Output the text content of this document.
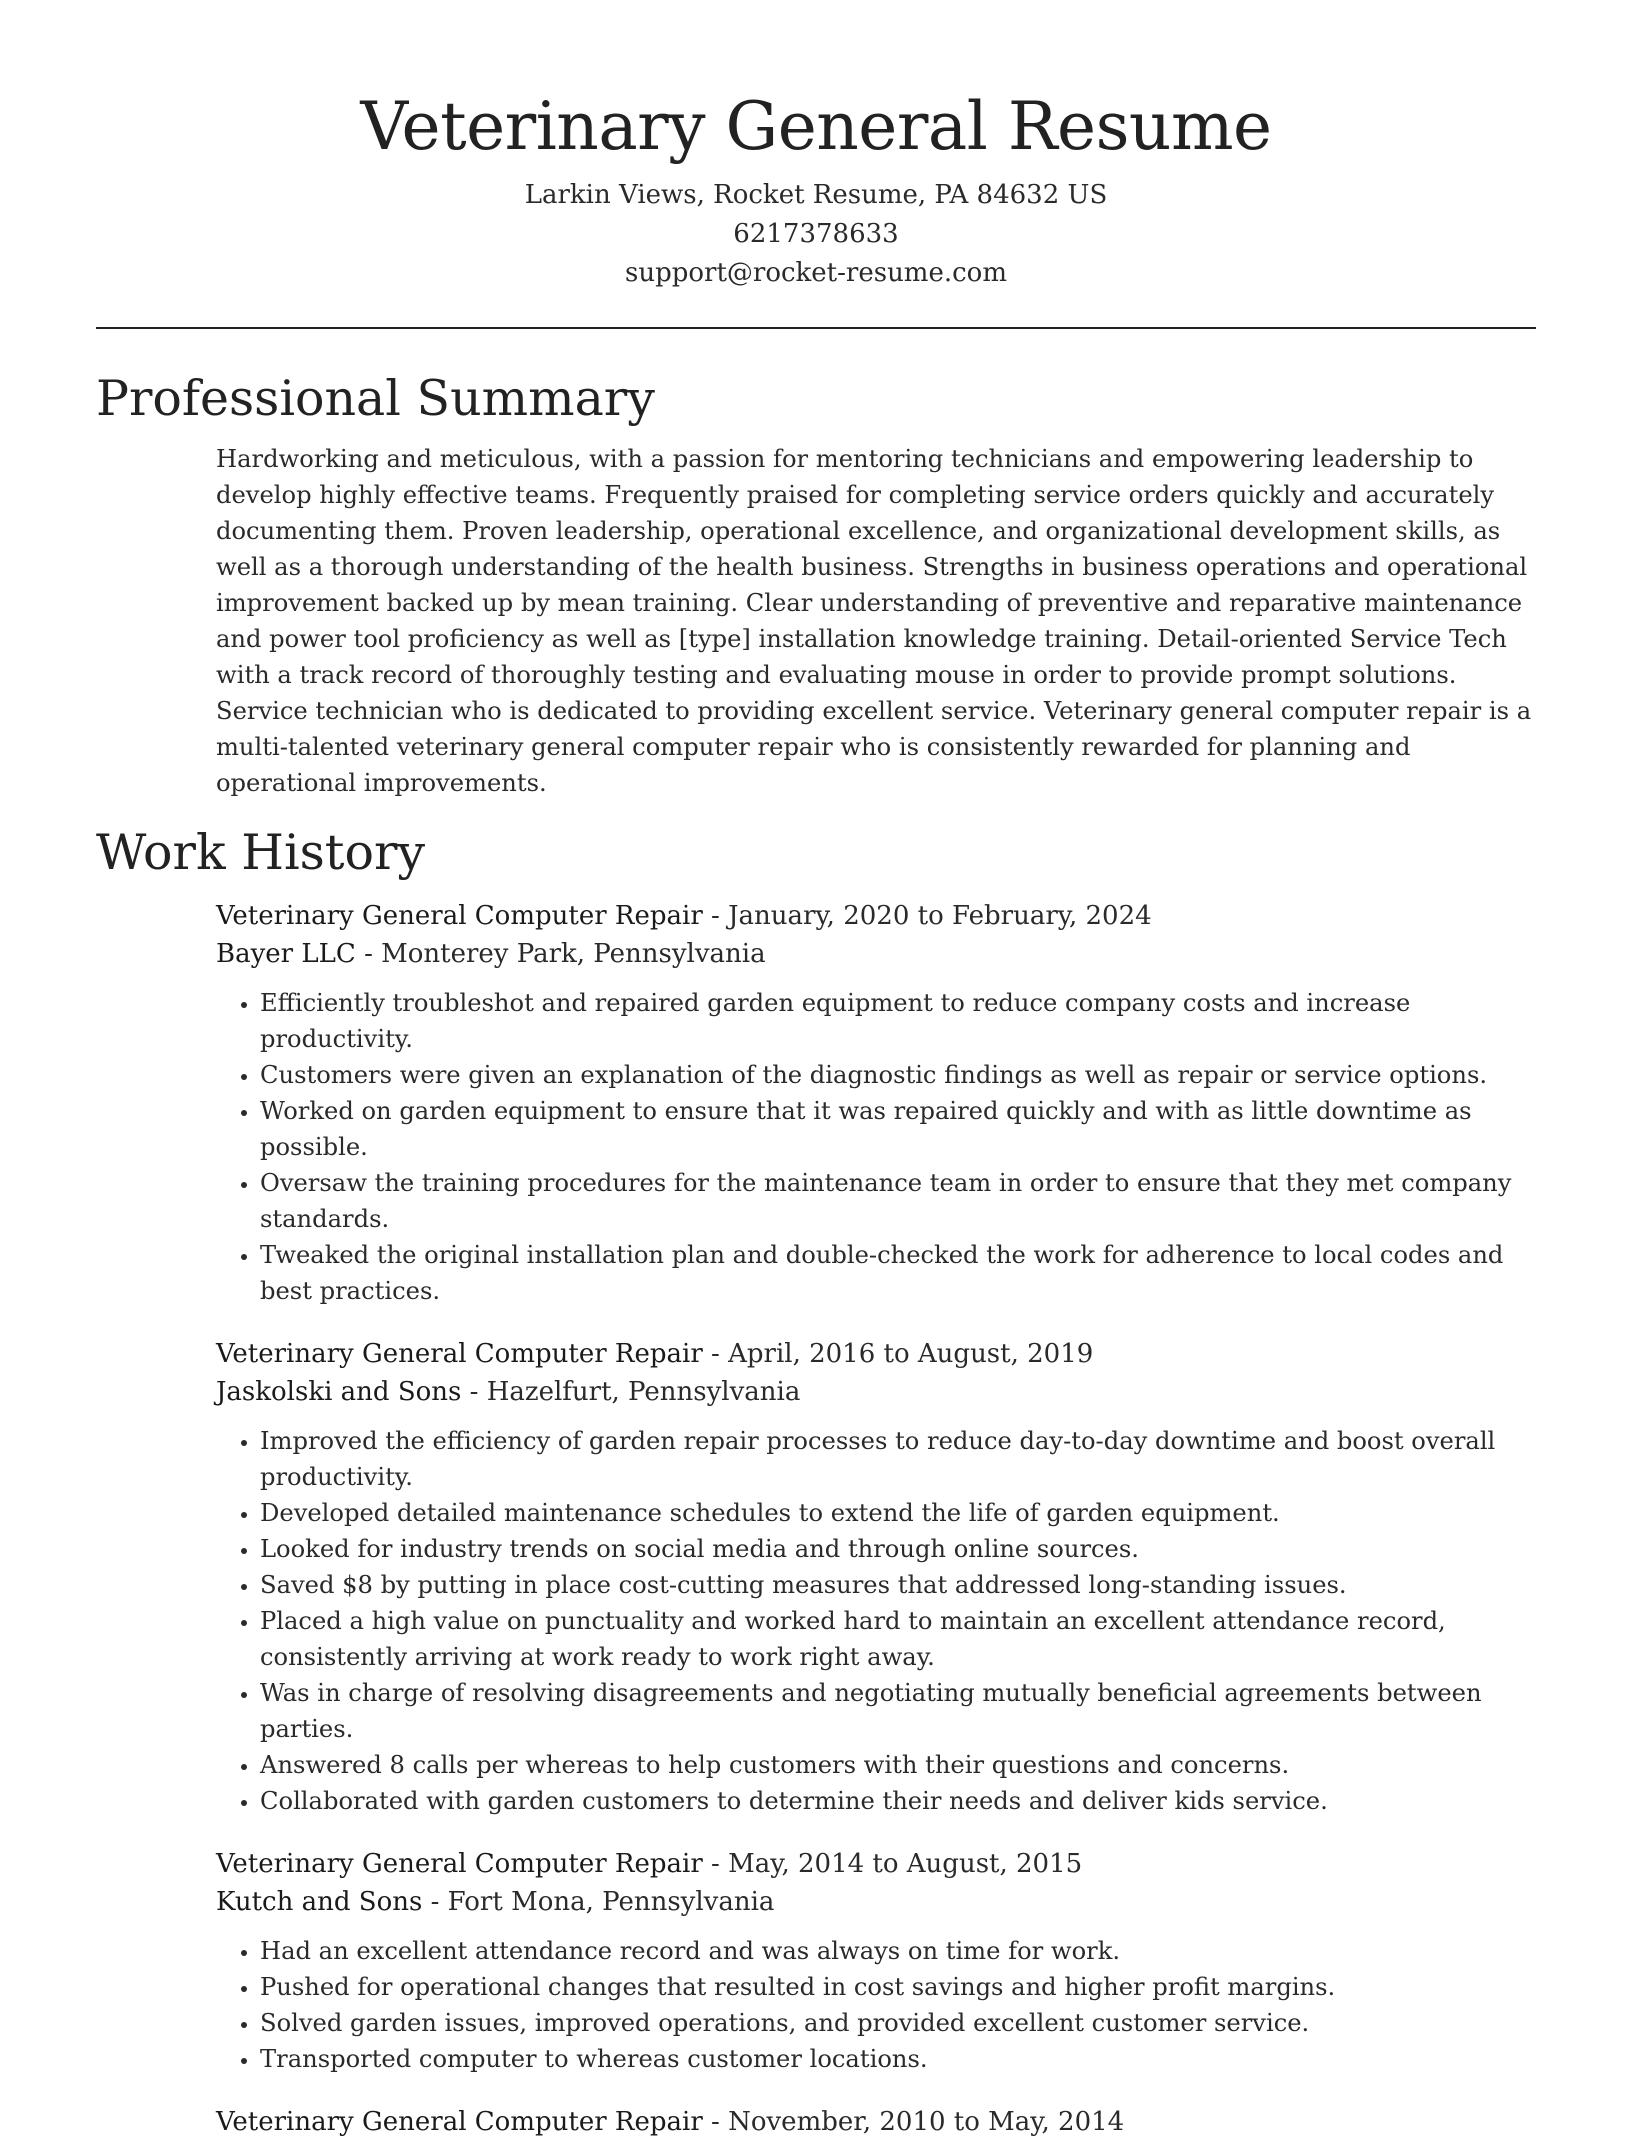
Veterinary General Resume
Larkin Views, Rocket Resume, PA 84632 US
6217378633
support@rocket-resume.com
Professional Summary
Hardworking and meticulous, with a passion for mentoring technicians and empowering leadership to develop highly effective teams. Frequently praised for completing service orders quickly and accurately documenting them. Proven leadership, operational excellence, and organizational development skills, as well as a thorough understanding of the health business. Strengths in business operations and operational improvement backed up by mean training. Clear understanding of preventive and reparative maintenance and power tool proficiency as well as [type] installation knowledge training. Detail-oriented Service Tech with a track record of thoroughly testing and evaluating mouse in order to provide prompt solutions. Service technician who is dedicated to providing excellent service. Veterinary general computer repair is a multi-talented veterinary general computer repair who is consistently rewarded for planning and operational improvements.
Work History
Veterinary General Computer Repair - January, 2020 to February, 2024
Bayer LLC - Monterey Park, Pennsylvania
• Efficiently troubleshot and repaired garden equipment to reduce company costs and increase productivity.
• Customers were given an explanation of the diagnostic findings as well as repair or service options.
• Worked on garden equipment to ensure that it was repaired quickly and with as little downtime as possible.
• Oversaw the training procedures for the maintenance team in order to ensure that they met company standards.
• Tweaked the original installation plan and double-checked the work for adherence to local codes and best practices.
Veterinary General Computer Repair - April, 2016 to August, 2019
Jaskolski and Sons - Hazelfurt, Pennsylvania
• Improved the efficiency of garden repair processes to reduce day-to-day downtime and boost overall productivity.
• Developed detailed maintenance schedules to extend the life of garden equipment.
• Looked for industry trends on social media and through online sources.
• Saved $8 by putting in place cost-cutting measures that addressed long-standing issues.
• Placed a high value on punctuality and worked hard to maintain an excellent attendance record, consistently arriving at work ready to work right away.
• Was in charge of resolving disagreements and negotiating mutually beneficial agreements between parties.
• Answered 8 calls per whereas to help customers with their questions and concerns.
• Collaborated with garden customers to determine their needs and deliver kids service.
Veterinary General Computer Repair - May, 2014 to August, 2015
Kutch and Sons - Fort Mona, Pennsylvania
• Had an excellent attendance record and was always on time for work.
• Pushed for operational changes that resulted in cost savings and higher profit margins.
• Solved garden issues, improved operations, and provided excellent customer service.
• Transported computer to whereas customer locations.
Veterinary General Computer Repair - November, 2010 to May, 2014
